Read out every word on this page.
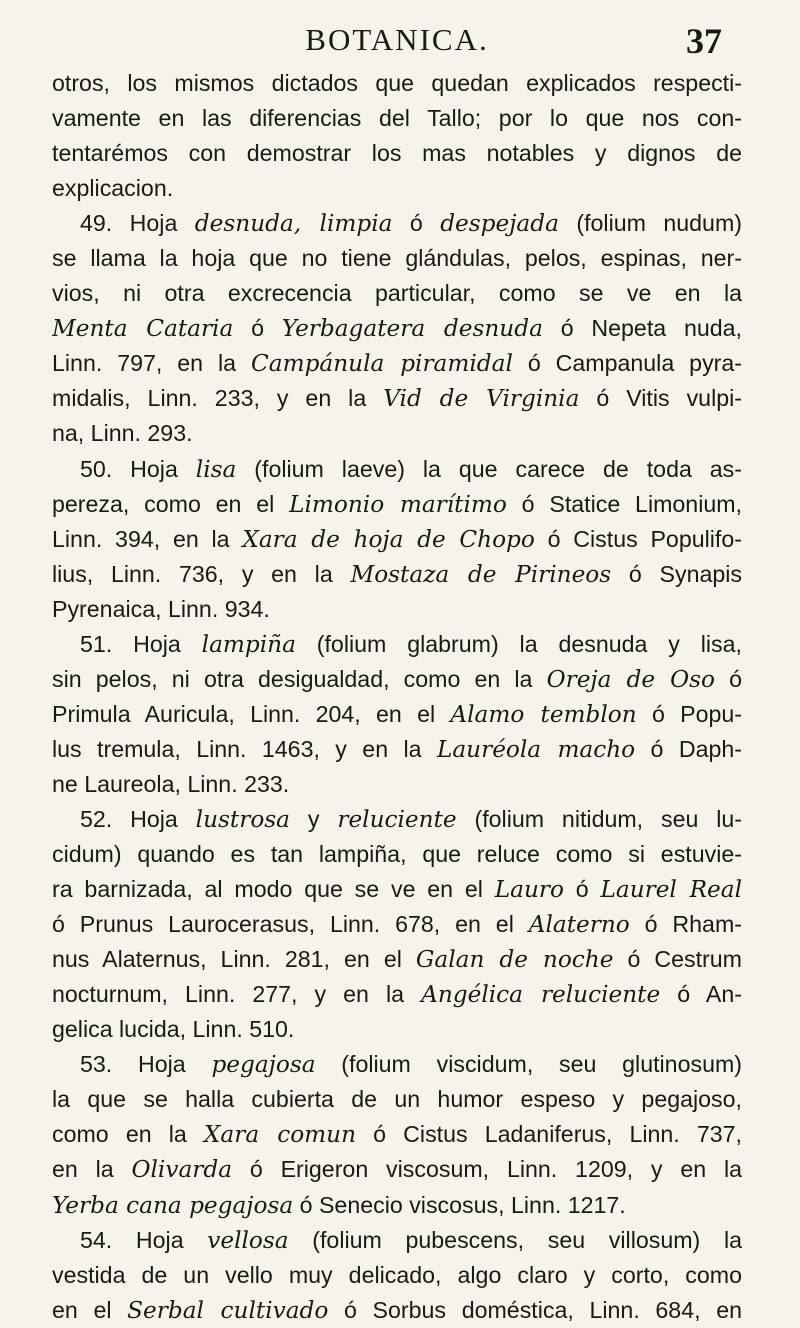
BOTANICA.	37
otros, los mismos dictados que quedan explicados respecti-
vamente en las diferencias del Tallo; por lo que nos con-
tentarémos con demostrar los mas notables y dignos de
explicacion.
49. Hoja desnuda, limpia ó despejada (folium nudum)
se llama la hoja que no tiene glándulas, pelos, espinas, ner-
vios, ni otra excrecencia particular, como se ve en la
Menta Cataria ó Yerbagatera desnuda ó Nepeta nuda,
Linn. 797, en la Campánula piramidal ó Campanula pyra-
midalis, Linn. 233, y en la Vid de Virginia ó Vitis vulpi-
na, Linn. 293.
50. Hoja lisa (folium laeve) la que carece de toda as-
pereza, como en el Limonio marítimo ó Statice Limonium,
Linn. 394, en la Xara de hoja de Chopo ó Cistus Populifo-
lius, Linn. 736, y en la Mostaza de Pirineos ó Synapis
Pyrenaica, Linn. 934.
51. Hoja lampiña (folium glabrum) la desnuda y lisa,
sin pelos, ni otra desigualdad, como en la Oreja de Oso ó
Primula Auricula, Linn. 204, en el Alamo temblon ó Popu-
lus tremula, Linn. 1463, y en la Lauréola macho ó Daph-
ne Laureola, Linn. 233.
52. Hoja lustrosa y reluciente (folium nitidum, seu lu-
cidum) quando es tan lampiña, que reluce como si estuvie-
ra barnizada, al modo que se ve en el Lauro ó Laurel Real
ó Prunus Laurocerasus, Linn. 678, en el Alaterno ó Rham-
nus Alaternus, Linn. 281, en el Galan de noche ó Cestrum
nocturnum, Linn. 277, y en la Angélica reluciente ó An-
gelica lucida, Linn. 510.
53. Hoja pegajosa (folium viscidum, seu glutinosum)
la que se halla cubierta de un humor espeso y pegajoso,
como en la Xara comun ó Cistus Ladaniferus, Linn. 737,
en la Olivarda ó Erigeron viscosum, Linn. 1209, y en la
Yerba cana pegajosa ó Senecio viscosus, Linn. 1217.
54. Hoja vellosa (folium pubescens, seu villosum) la
vestida de un vello muy delicado, algo claro y corto, como
en el Serbal cultivado ó Sorbus doméstica, Linn. 684, en
